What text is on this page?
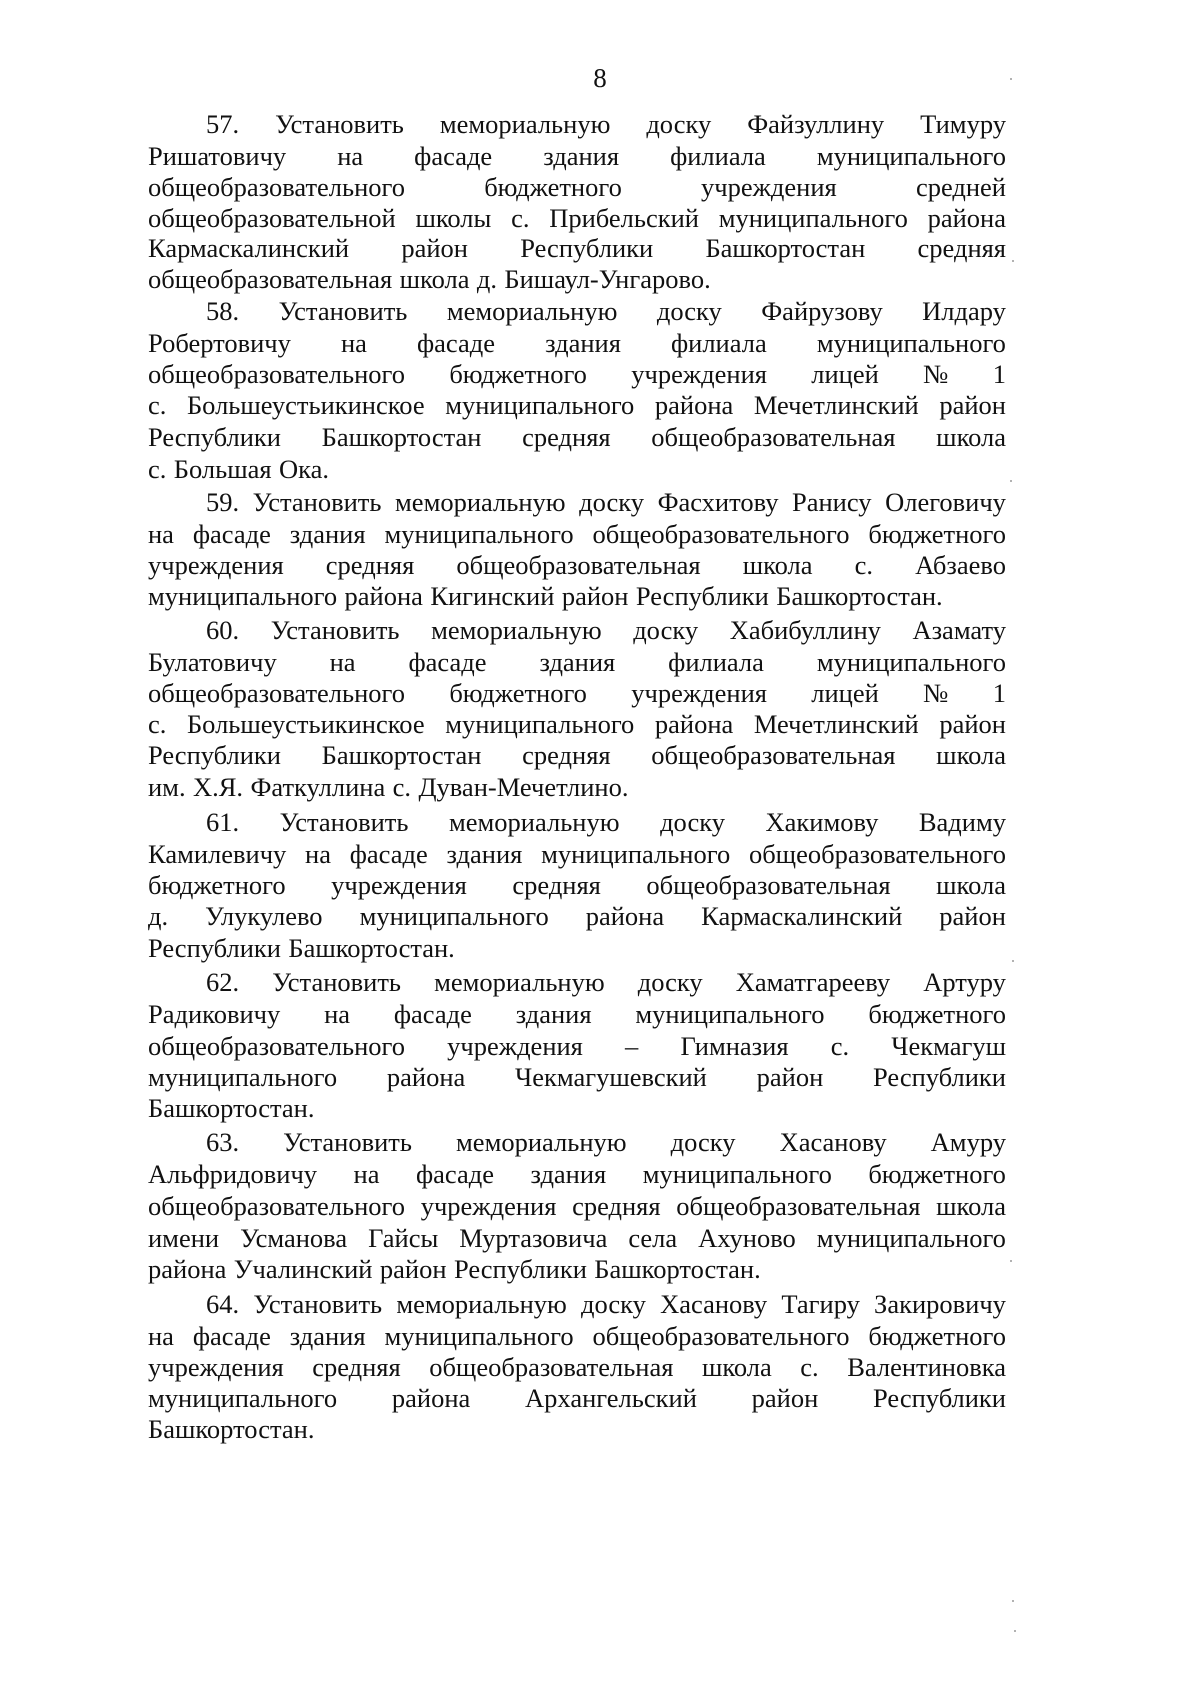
8
57. Установить мемориальную доску Файзуллину Тимуру
Ришатовичу на фасаде здания филиала муниципального
общеобразовательного	бюджетного	учреждения	средней
общеобразовательной школы с. Прибельский муниципального района
Кармаскалинский район Республики Башкортостан средняя
общеобразовательная школа д. Бишаул-Унгарово.
58. Установить мемориальную доску Файрузову Илдару
Робертовичу на фасаде здания филиала муниципального
общеобразовательного бюджетного учреждения лицей № 1
с. Большеустьикинское муниципального района Мечетлинский район
Республики Башкортостан средняя общеобразовательная школа
с. Большая Ока.
59. Установить мемориальную доску Фасхитову Ранису Олеговичу
на фасаде здания муниципального общеобразовательного бюджетного
учреждения средняя общеобразовательная школа с. Абзаево
муниципального района Кигинский район Республики Башкортостан.
60. Установить мемориальную доску Хабибуллину Азамату
Булатовичу на фасаде здания филиала муниципального
общеобразовательного бюджетного учреждения лицей № 1
с. Большеустьикинское муниципального района Мечетлинский район
Республики Башкортостан средняя общеобразовательная школа
им. Х.Я. Фаткуллина с. Дуван-Мечетлино.
61. Установить мемориальную доску Хакимову Вадиму
Камилевичу на фасаде здания муниципального общеобразовательного
бюджетного учреждения средняя общеобразовательная школа
д. Улукулево муниципального района Кармаскалинский район
Республики Башкортостан.
62. Установить мемориальную доску Хаматгарееву Артуру
Радиковичу на фасаде здания муниципального бюджетного
общеобразовательного учреждения – Гимназия с. Чекмагуш
муниципального района Чекмагушевский район Республики
Башкортостан.
63. Установить мемориальную доску Хасанову Амуру
Альфридовичу на фасаде здания муниципального бюджетного
общеобразовательного учреждения средняя общеобразовательная школа
имени Усманова Гайсы Муртазовича села Ахуново муниципального
района Учалинский район Республики Башкортостан.
64. Установить мемориальную доску Хасанову Тагиру Закировичу
на фасаде здания муниципального общеобразовательного бюджетного
учреждения средняя общеобразовательная школа с. Валентиновка
муниципального района Архангельский район Республики
Башкортостан.
